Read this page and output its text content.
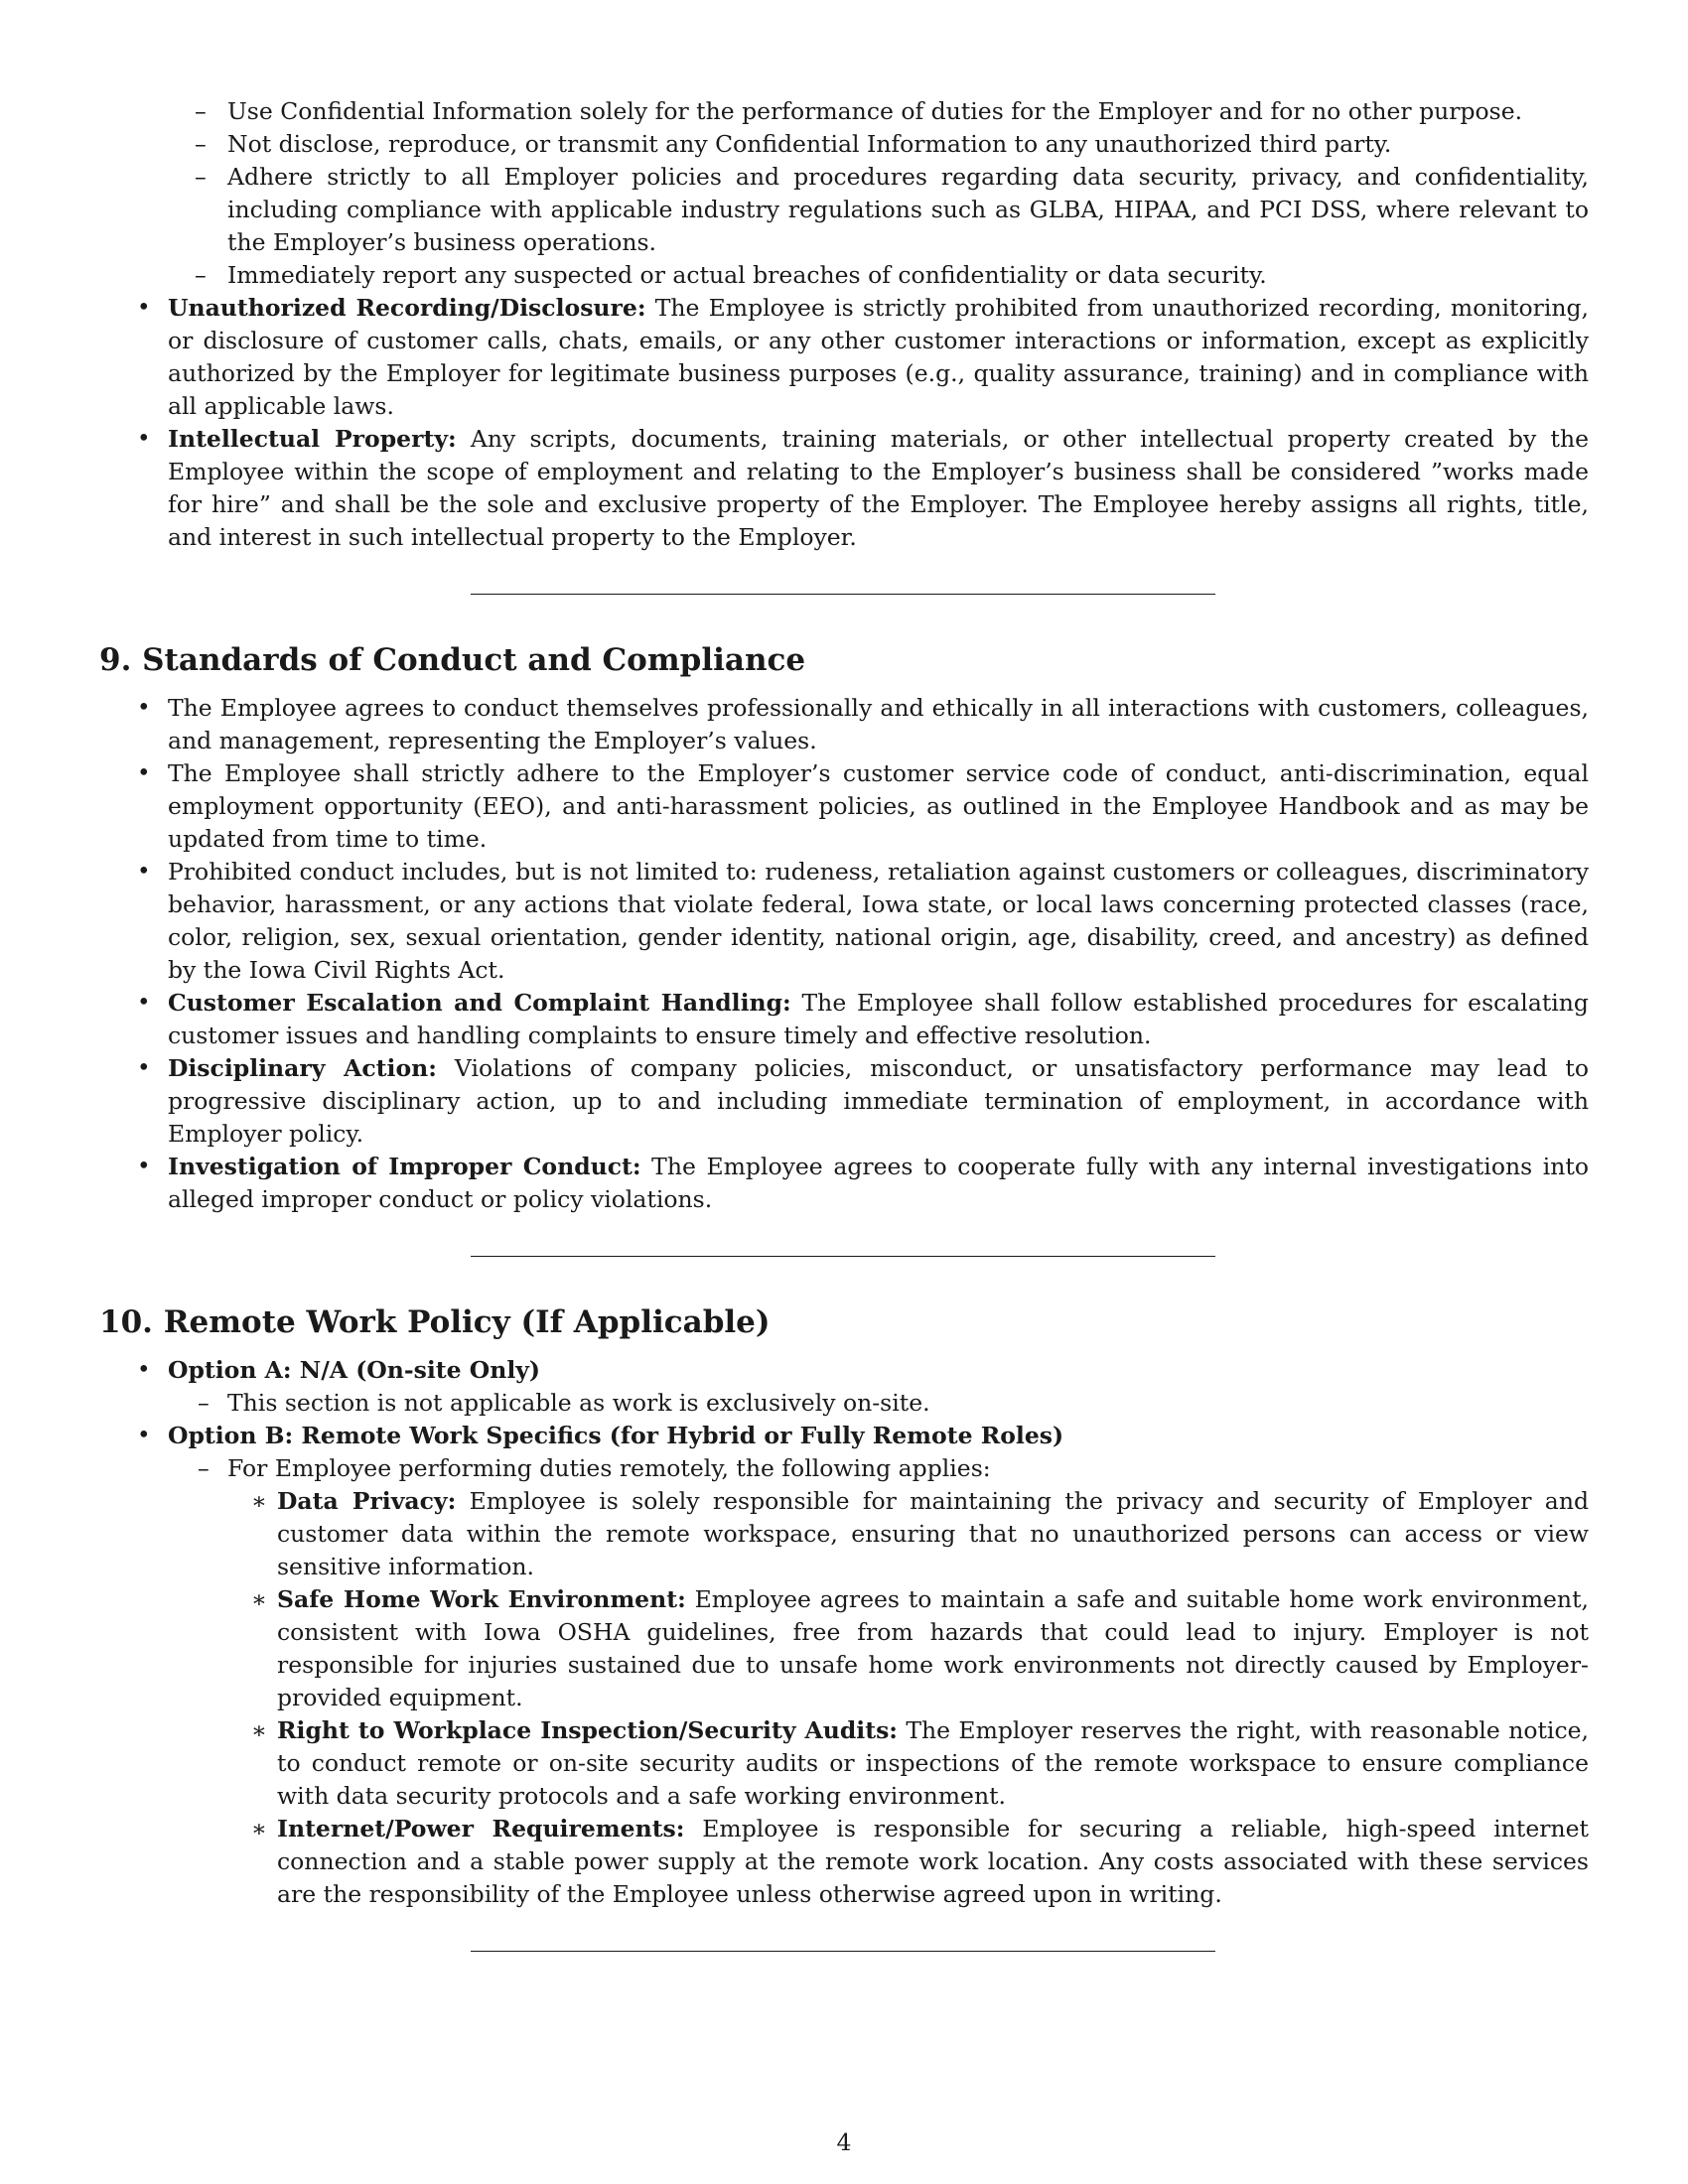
– Use Confidential Information solely for the performance of duties for the Employer and for no other purpose.
– Not disclose, reproduce, or transmit any Confidential Information to any unauthorized third party.
– Adhere strictly to all Employer policies and procedures regarding data security, privacy, and confidentiality, including compliance with applicable industry regulations such as GLBA, HIPAA, and PCI DSS, where relevant to the Employer’s business operations.
– Immediately report any suspected or actual breaches of confidentiality or data security.
• Unauthorized Recording/Disclosure: The Employee is strictly prohibited from unauthorized recording, monitoring, or disclosure of customer calls, chats, emails, or any other customer interactions or information, except as explicitly authorized by the Employer for legitimate business purposes (e.g., quality assurance, training) and in compliance with all applicable laws.
• Intellectual Property: Any scripts, documents, training materials, or other intellectual property created by the Employee within the scope of employment and relating to the Employer’s business shall be considered ”works made for hire” and shall be the sole and exclusive property of the Employer. The Employee hereby assigns all rights, title, and interest in such intellectual property to the Employer.
9. Standards of Conduct and Compliance
• The Employee agrees to conduct themselves professionally and ethically in all interactions with customers, colleagues, and management, representing the Employer’s values.
• The Employee shall strictly adhere to the Employer’s customer service code of conduct, anti-discrimination, equal employment opportunity (EEO), and anti-harassment policies, as outlined in the Employee Handbook and as may be updated from time to time.
• Prohibited conduct includes, but is not limited to: rudeness, retaliation against customers or colleagues, discriminatory behavior, harassment, or any actions that violate federal, Iowa state, or local laws concerning protected classes (race, color, religion, sex, sexual orientation, gender identity, national origin, age, disability, creed, and ancestry) as defined by the Iowa Civil Rights Act.
• Customer Escalation and Complaint Handling: The Employee shall follow established procedures for escalating customer issues and handling complaints to ensure timely and effective resolution.
• Disciplinary Action: Violations of company policies, misconduct, or unsatisfactory performance may lead to progressive disciplinary action, up to and including immediate termination of employment, in accordance with Employer policy.
• Investigation of Improper Conduct: The Employee agrees to cooperate fully with any internal investigations into alleged improper conduct or policy violations.
10. Remote Work Policy (If Applicable)
• Option A: N/A (On-site Only)
– This section is not applicable as work is exclusively on-site.
• Option B: Remote Work Specifics (for Hybrid or Fully Remote Roles)
– For Employee performing duties remotely, the following applies:
∗ Data Privacy: Employee is solely responsible for maintaining the privacy and security of Employer and customer data within the remote workspace, ensuring that no unauthorized persons can access or view sensitive information.
∗ Safe Home Work Environment: Employee agrees to maintain a safe and suitable home work environment, consistent with Iowa OSHA guidelines, free from hazards that could lead to injury. Employer is not responsible for injuries sustained due to unsafe home work environments not directly caused by Employer-provided equipment.
∗ Right to Workplace Inspection/Security Audits: The Employer reserves the right, with reasonable notice, to conduct remote or on-site security audits or inspections of the remote workspace to ensure compliance with data security protocols and a safe working environment.
∗ Internet/Power Requirements: Employee is responsible for securing a reliable, high-speed internet connection and a stable power supply at the remote work location. Any costs associated with these services are the responsibility of the Employee unless otherwise agreed upon in writing.
4
